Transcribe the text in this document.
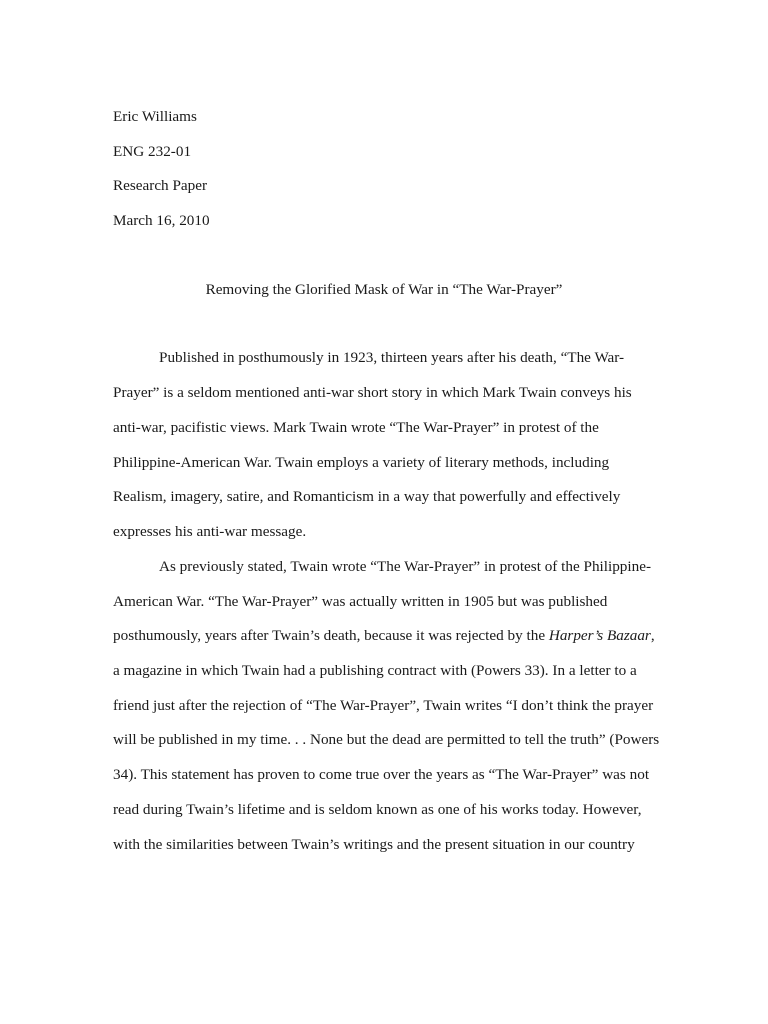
Eric Williams
ENG 232-01
Research Paper
March 16, 2010
Removing the Glorified Mask of War in “The War-Prayer”
Published in posthumously in 1923, thirteen years after his death, “The War-
Prayer” is a seldom mentioned anti-war short story in which Mark Twain conveys his
anti-war, pacifistic views. Mark Twain wrote “The War-Prayer” in protest of the
Philippine-American War. Twain employs a variety of literary methods, including
Realism, imagery, satire, and Romanticism in a way that powerfully and effectively
expresses his anti-war message.
As previously stated, Twain wrote “The War-Prayer” in protest of the Philippine-
American War. “The War-Prayer” was actually written in 1905 but was published
posthumously, years after Twain’s death, because it was rejected by the Harper’s Bazaar,
a magazine in which Twain had a publishing contract with (Powers 33). In a letter to a
friend just after the rejection of “The War-Prayer”, Twain writes “I don’t think the prayer
will be published in my time. . . None but the dead are permitted to tell the truth” (Powers
34). This statement has proven to come true over the years as “The War-Prayer” was not
read during Twain’s lifetime and is seldom known as one of his works today. However,
with the similarities between Twain’s writings and the present situation in our country
